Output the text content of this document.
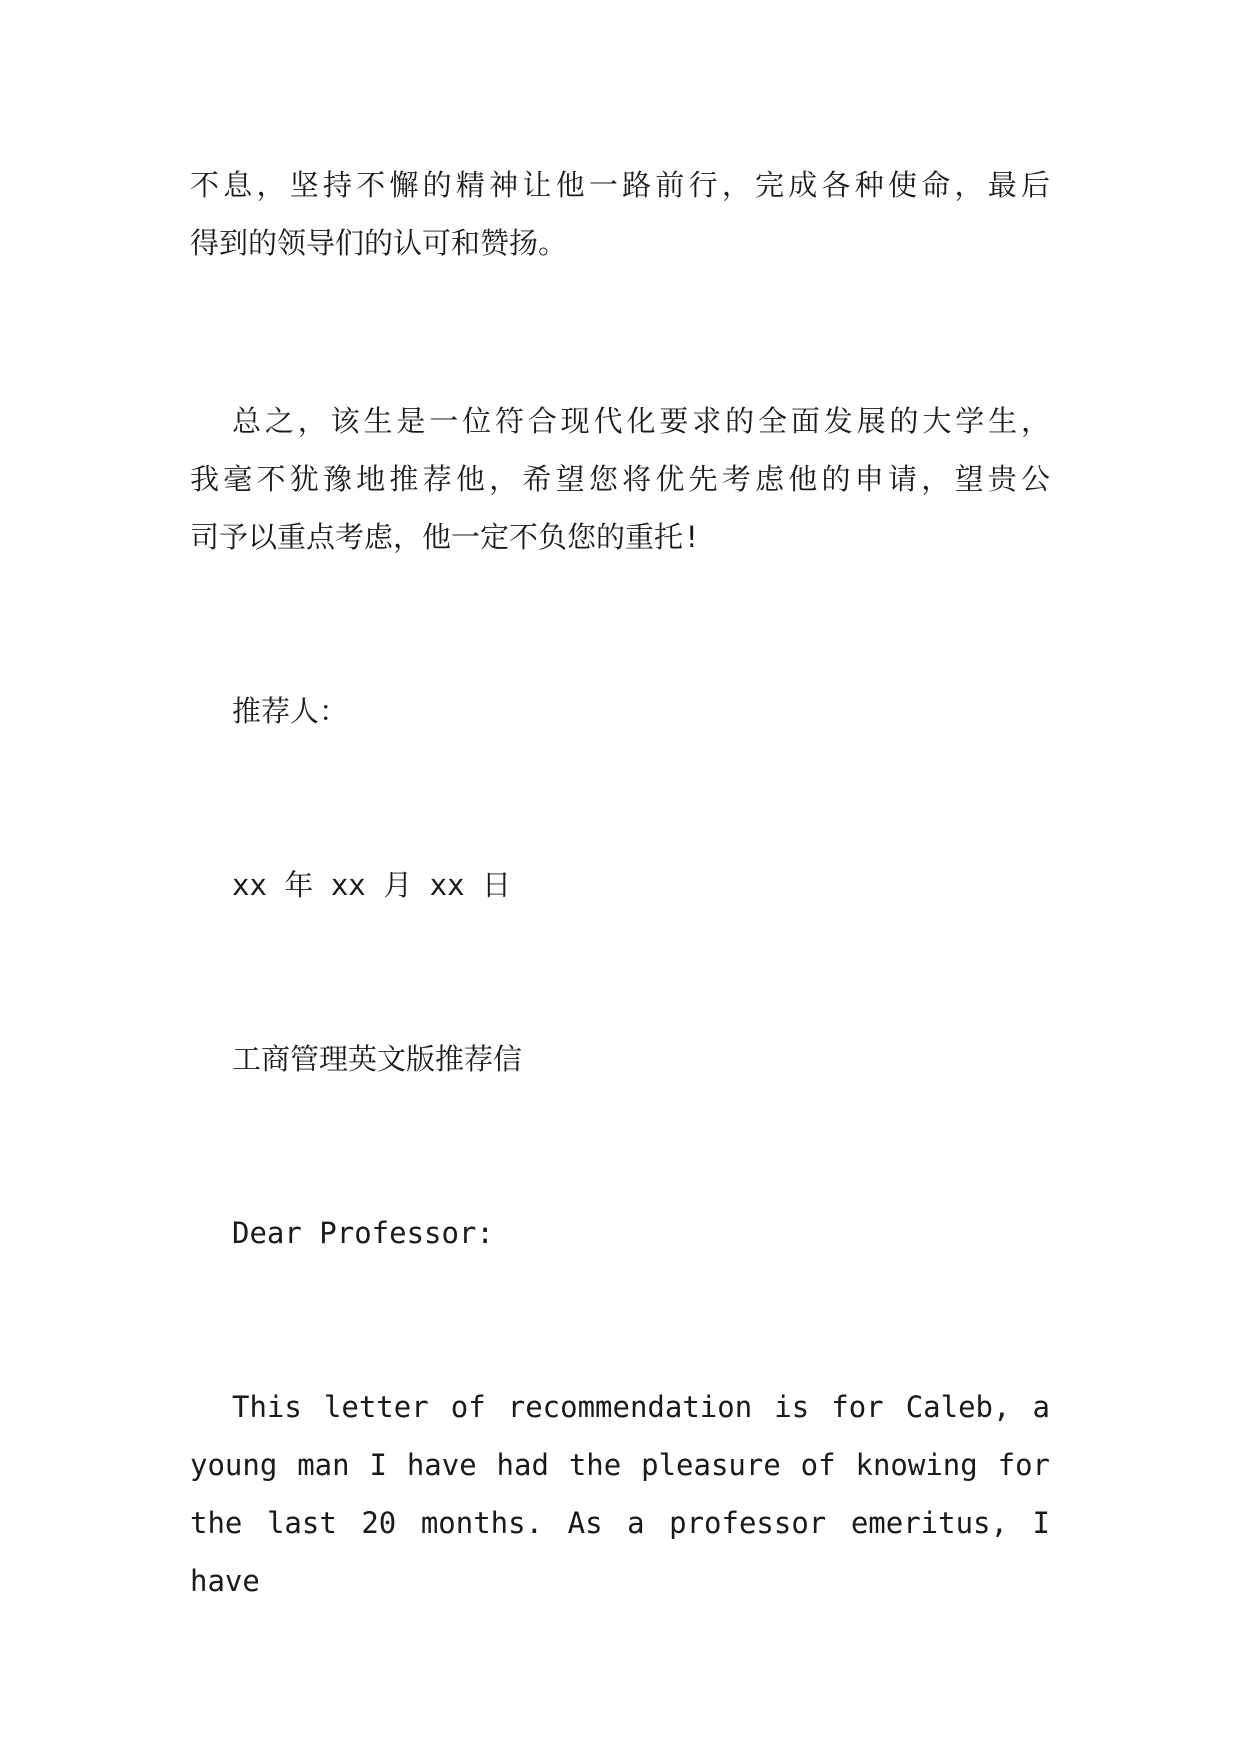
不息，坚持不懈的精神让他一路前行，完成各种使命，最后
得到的领导们的认可和赞扬。

总之，该生是一位符合现代化要求的全面发展的大学生，
我毫不犹豫地推荐他，希望您将优先考虑他的申请，望贵公
司予以重点考虑，他一定不负您的重托!

推荐人：

xx 年 xx 月 xx 日

工商管理英文版推荐信

Dear Professor:

This letter of recommendation is for Caleb, a
young man I have had the pleasure of knowing for
the last 20 months. As a professor emeritus, I have
